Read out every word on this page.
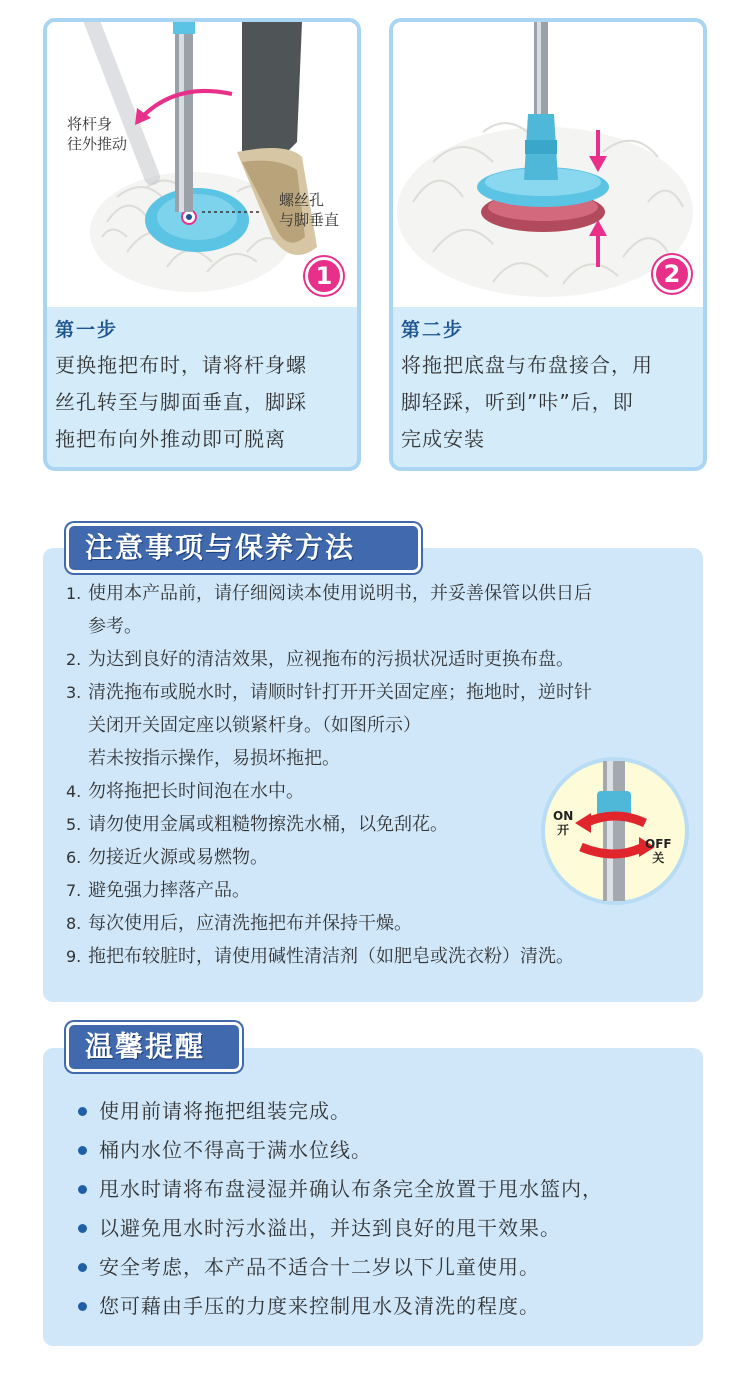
将杆身
往外推动
螺丝孔
与脚垂直
1
第一步
更换拖把布时，请将杆身螺
丝孔转至与脚面垂直，脚踩
拖把布向外推动即可脱离
2
第二步
将拖把底盘与布盘接合，用
脚轻踩，听到”咔”后，即
完成安装
注意事项与保养方法
1. 使用本产品前，请仔细阅读本使用说明书，并妥善保管以供日后
参考。
2. 为达到良好的清洁效果，应视拖布的污损状况适时更换布盘。
3. 清洗拖布或脱水时，请顺时针打开开关固定座；拖地时，逆时针
关闭开关固定座以锁紧杆身。（如图所示）
若未按指示操作，易损坏拖把。
4. 勿将拖把长时间泡在水中。
5. 请勿使用金属或粗糙物擦洗水桶，以免刮花。
6. 勿接近火源或易燃物。
7. 避免强力摔落产品。
8. 每次使用后，应清洗拖把布并保持干燥。
9. 拖把布较脏时，请使用碱性清洁剂（如肥皂或洗衣粉）清洗。
ON
开
OFF
关
温馨提醒
使用前请将拖把组装完成。
桶内水位不得高于满水位线。
甩水时请将布盘浸湿并确认布条完全放置于甩水篮内，
以避免甩水时污水溢出，并达到良好的甩干效果。
安全考虑，本产品不适合十二岁以下儿童使用。
您可藉由手压的力度来控制甩水及清洗的程度。
